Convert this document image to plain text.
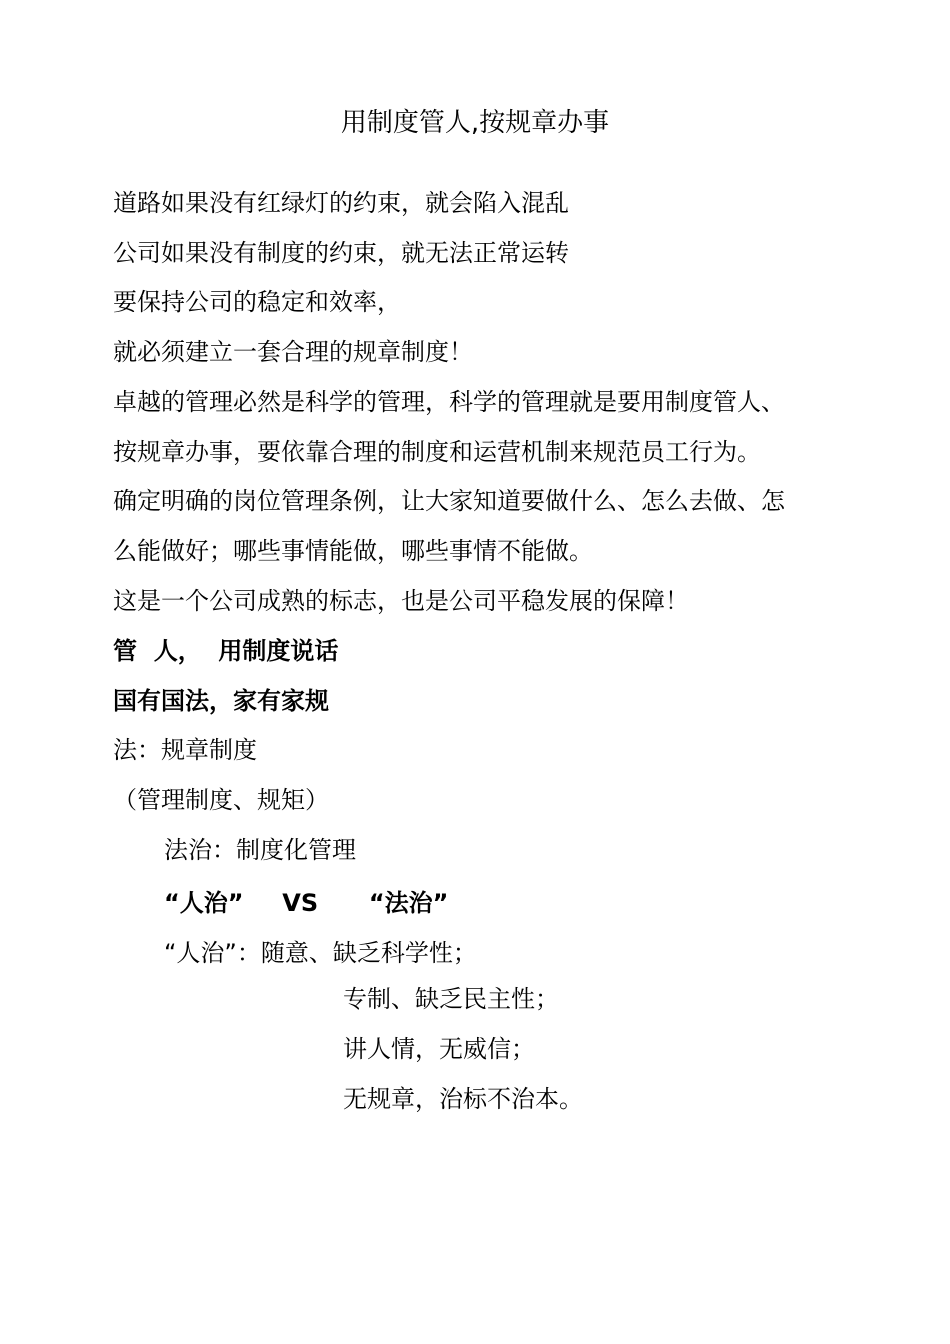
用制度管人,按规章办事
道路如果没有红绿灯的约束，就会陷入混乱
公司如果没有制度的约束，就无法正常运转
要保持公司的稳定和效率，
就必须建立一套合理的规章制度！
卓越的管理必然是科学的管理，科学的管理就是要用制度管人、
按规章办事，要依靠合理的制度和运营机制来规范员工行为。
确定明确的岗位管理条例，让大家知道要做什么、怎么去做、怎
么能做好；哪些事情能做，哪些事情不能做。
这是一个公司成熟的标志，也是公司平稳发展的保障！
管  人，  用制度说话
国有国法，家有家规
法：规章制度
（管理制度、规矩）
法治：制度化管理
“人治” VS “法治”
“人治”：随意、缺乏科学性；
专制、缺乏民主性；
讲人情，无威信；
无规章，治标不治本。
